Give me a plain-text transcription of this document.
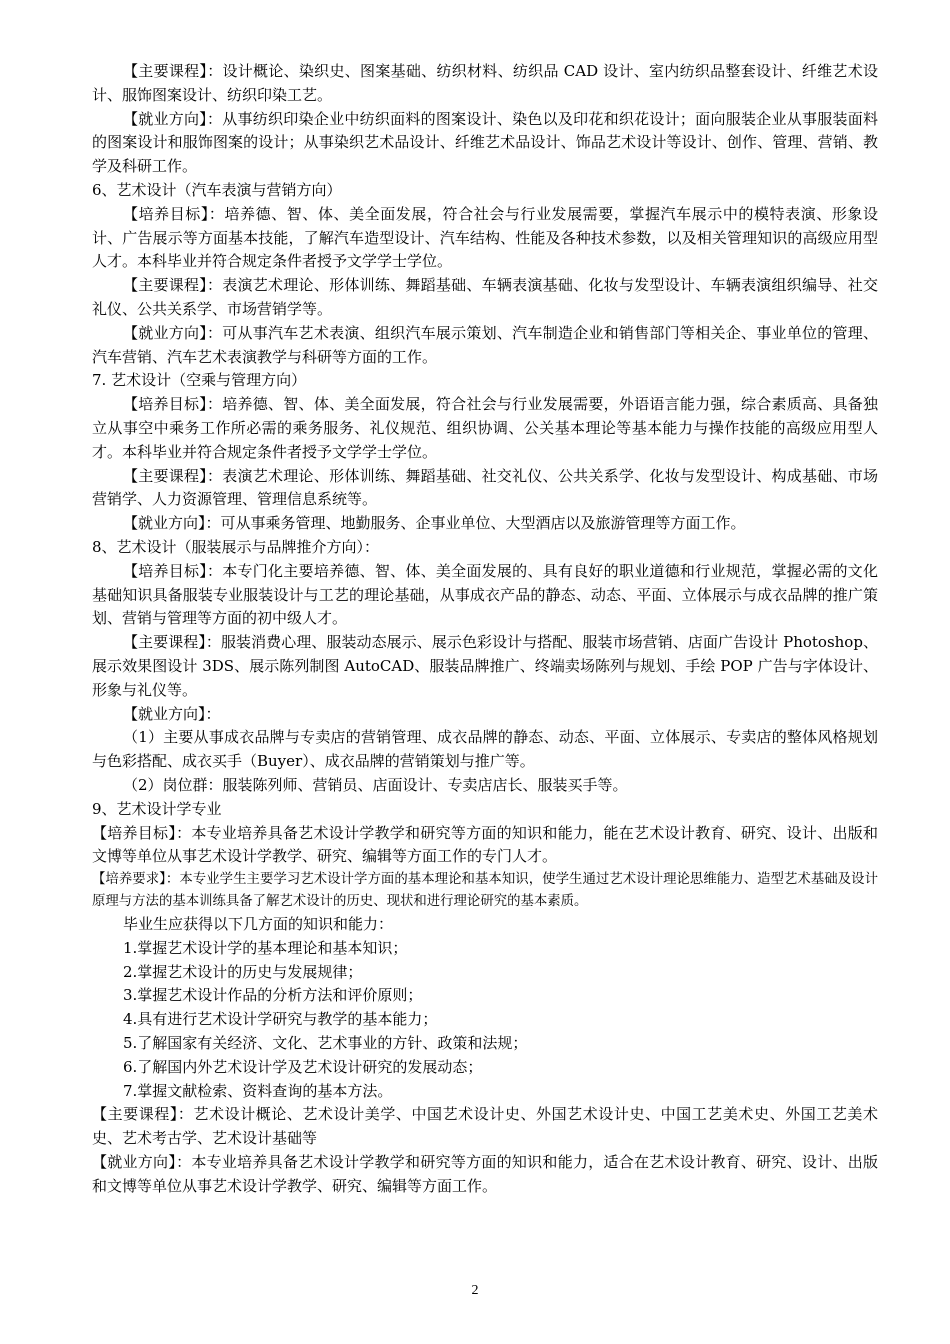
【主要课程】：设计概论、染织史、图案基础、纺织材料、纺织品 CAD 设计、室内纺织品整套设计、纤维艺术设计、服饰图案设计、纺织印染工艺。

【就业方向】：从事纺织印染企业中纺织面料的图案设计、染色以及印花和织花设计；面向服装企业从事服装面料的图案设计和服饰图案的设计；从事染织艺术品设计、纤维艺术品设计、饰品艺术设计等设计、创作、管理、营销、教学及科研工作。

6、艺术设计（汽车表演与营销方向）

【培养目标】：培养德、智、体、美全面发展，符合社会与行业发展需要，掌握汽车展示中的模特表演、形象设计、广告展示等方面基本技能，了解汽车造型设计、汽车结构、性能及各种技术参数，以及相关管理知识的高级应用型人才。本科毕业并符合规定条件者授予文学学士学位。

【主要课程】：表演艺术理论、形体训练、舞蹈基础、车辆表演基础、化妆与发型设计、车辆表演组织编导、社交礼仪、公共关系学、市场营销学等。

【就业方向】：可从事汽车艺术表演、组织汽车展示策划、汽车制造企业和销售部门等相关企、事业单位的管理、汽车营销、汽车艺术表演教学与科研等方面的工作。

7. 艺术设计（空乘与管理方向）

【培养目标】：培养德、智、体、美全面发展，符合社会与行业发展需要，外语语言能力强，综合素质高、具备独立从事空中乘务工作所必需的乘务服务、礼仪规范、组织协调、公关基本理论等基本能力与操作技能的高级应用型人才。本科毕业并符合规定条件者授予文学学士学位。

【主要课程】：表演艺术理论、形体训练、舞蹈基础、社交礼仪、公共关系学、化妆与发型设计、构成基础、市场营销学、人力资源管理、管理信息系统等。

【就业方向】：可从事乘务管理、地勤服务、企事业单位、大型酒店以及旅游管理等方面工作。

8、艺术设计（服装展示与品牌推介方向）：

【培养目标】：本专门化主要培养德、智、体、美全面发展的、具有良好的职业道德和行业规范，掌握必需的文化基础知识具备服装专业服装设计与工艺的理论基础，从事成衣产品的静态、动态、平面、立体展示与成衣品牌的推广策划、营销与管理等方面的初中级人才。

【主要课程】：服装消费心理、服装动态展示、展示色彩设计与搭配、服装市场营销、店面广告设计 Photoshop、展示效果图设计 3DS、展示陈列制图 AutoCAD、服装品牌推广、终端卖场陈列与规划、手绘 POP 广告与字体设计、形象与礼仪等。

【就业方向】：

（1）主要从事成衣品牌与专卖店的营销管理、成衣品牌的静态、动态、平面、立体展示、专卖店的整体风格规划与色彩搭配、成衣买手（Buyer）、成衣品牌的营销策划与推广等。

（2）岗位群：服装陈列师、营销员、店面设计、专卖店店长、服装买手等。

9、艺术设计学专业

【培养目标】：本专业培养具备艺术设计学教学和研究等方面的知识和能力，能在艺术设计教育、研究、设计、出版和文博等单位从事艺术设计学教学、研究、编辑等方面工作的专门人才。

【培养要求】：本专业学生主要学习艺术设计学方面的基本理论和基本知识，使学生通过艺术设计理论思维能力、造型艺术基础及设计原理与方法的基本训练具备了解艺术设计的历史、现状和进行理论研究的基本素质。

毕业生应获得以下几方面的知识和能力：

1.掌握艺术设计学的基本理论和基本知识；

2.掌握艺术设计的历史与发展规律；

3.掌握艺术设计作品的分析方法和评价原则；

4.具有进行艺术设计学研究与教学的基本能力；

5.了解国家有关经济、文化、艺术事业的方针、政策和法规；

6.了解国内外艺术设计学及艺术设计研究的发展动态；

7.掌握文献检索、资料查询的基本方法。

【主要课程】：艺术设计概论、艺术设计美学、中国艺术设计史、外国艺术设计史、中国工艺美术史、外国工艺美术史、艺术考古学、艺术设计基础等

【就业方向】：本专业培养具备艺术设计学教学和研究等方面的知识和能力，适合在艺术设计教育、研究、设计、出版和文博等单位从事艺术设计学教学、研究、编辑等方面工作。

2
